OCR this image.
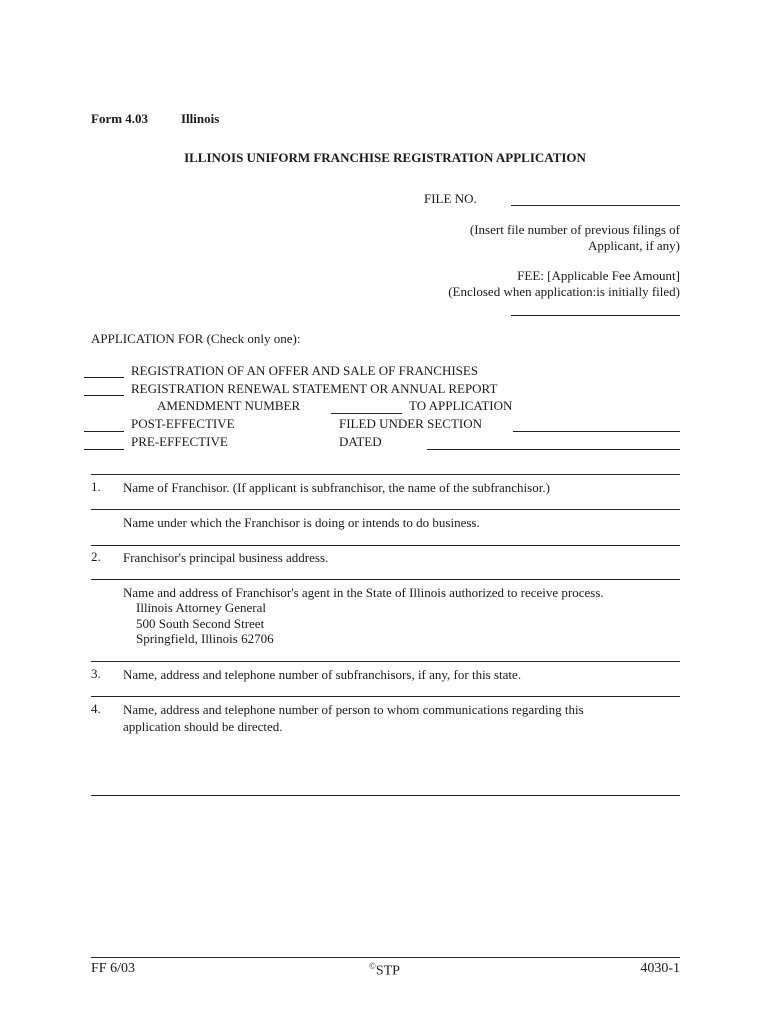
Form 4.03	Illinois
ILLINOIS UNIFORM FRANCHISE REGISTRATION APPLICATION
FILE NO.
(Insert file number of previous filings of
Applicant, if any)
FEE: [Applicable Fee Amount]
(Enclosed when application:is initially filed)
APPLICATION FOR (Check only one):
REGISTRATION OF AN OFFER AND SALE OF FRANCHISES
REGISTRATION RENEWAL STATEMENT OR ANNUAL REPORT
AMENDMENT NUMBER	TO APPLICATION
POST-EFFECTIVE	FILED UNDER SECTION
PRE-EFFECTIVE	DATED
1. Name of Franchisor. (If applicant is subfranchisor, the name of the subfranchisor.)
Name under which the Franchisor is doing or intends to do business.
2. Franchisor's principal business address.
Name and address of Franchisor's agent in the State of Illinois authorized to receive process.
Illinois Attorney General
500 South Second Street
Springfield, Illinois 62706
3. Name, address and telephone number of subfranchisors, if any, for this state.
4. Name, address and telephone number of person to whom communications regarding this application should be directed.
FF 6/03	©STP	4030-1
